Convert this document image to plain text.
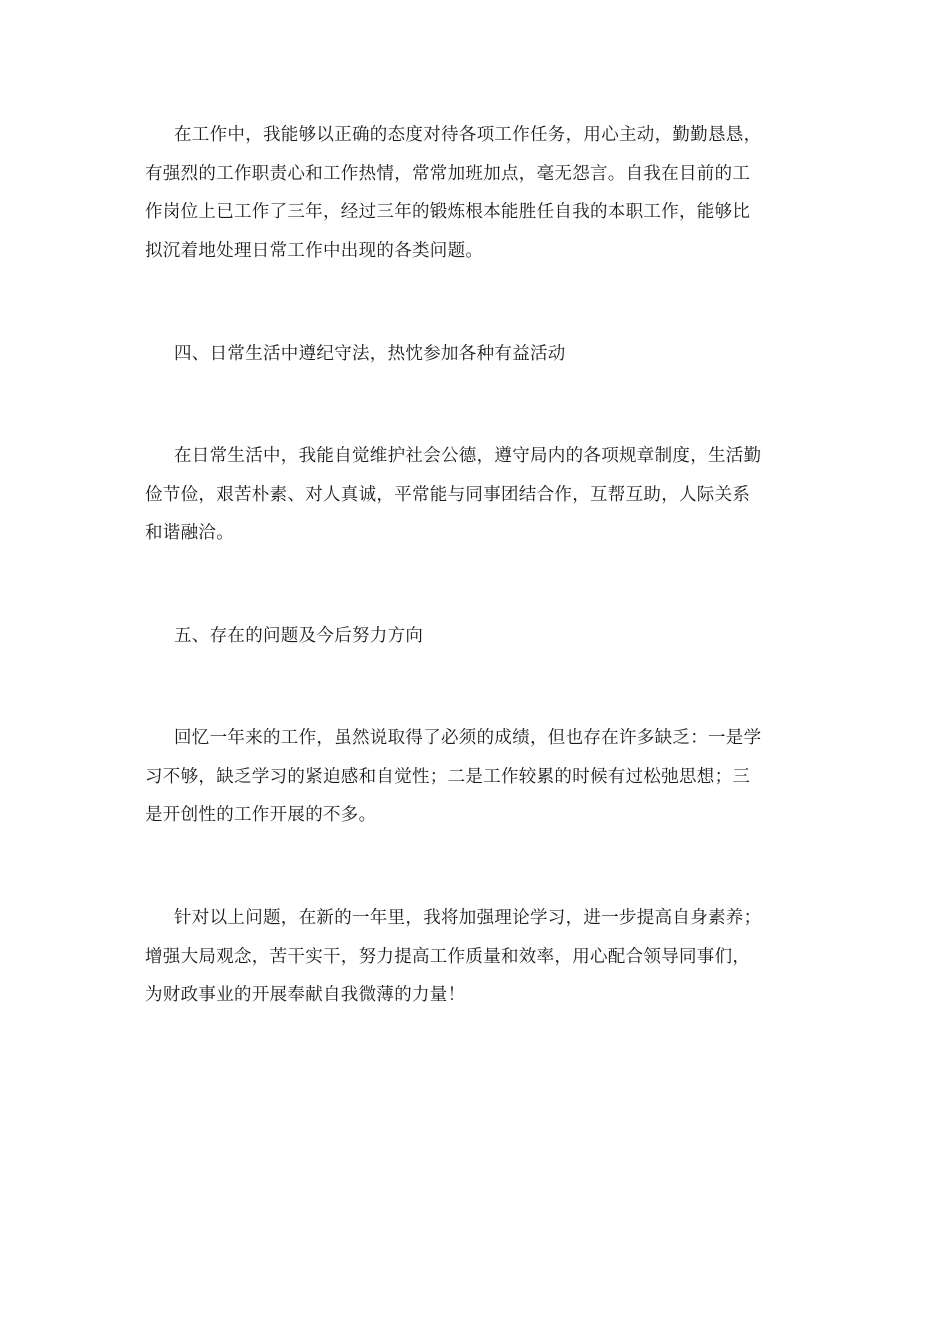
在工作中，我能够以正确的态度对待各项工作任务，用心主动，勤勤恳恳，
有强烈的工作职责心和工作热情，常常加班加点，毫无怨言。自我在目前的工
作岗位上已工作了三年，经过三年的锻炼根本能胜任自我的本职工作，能够比
拟沉着地处理日常工作中出现的各类问题。
四、日常生活中遵纪守法，热忱参加各种有益活动
在日常生活中，我能自觉维护社会公德，遵守局内的各项规章制度，生活勤
俭节俭，艰苦朴素、对人真诚，平常能与同事团结合作，互帮互助，人际关系
和谐融洽。
五、存在的问题及今后努力方向
回忆一年来的工作，虽然说取得了必须的成绩，但也存在许多缺乏：一是学
习不够，缺乏学习的紧迫感和自觉性；二是工作较累的时候有过松弛思想；三
是开创性的工作开展的不多。
针对以上问题，在新的一年里，我将加强理论学习，进一步提高自身素养；
增强大局观念，苦干实干，努力提高工作质量和效率，用心配合领导同事们，
为财政事业的开展奉献自我微薄的力量！
